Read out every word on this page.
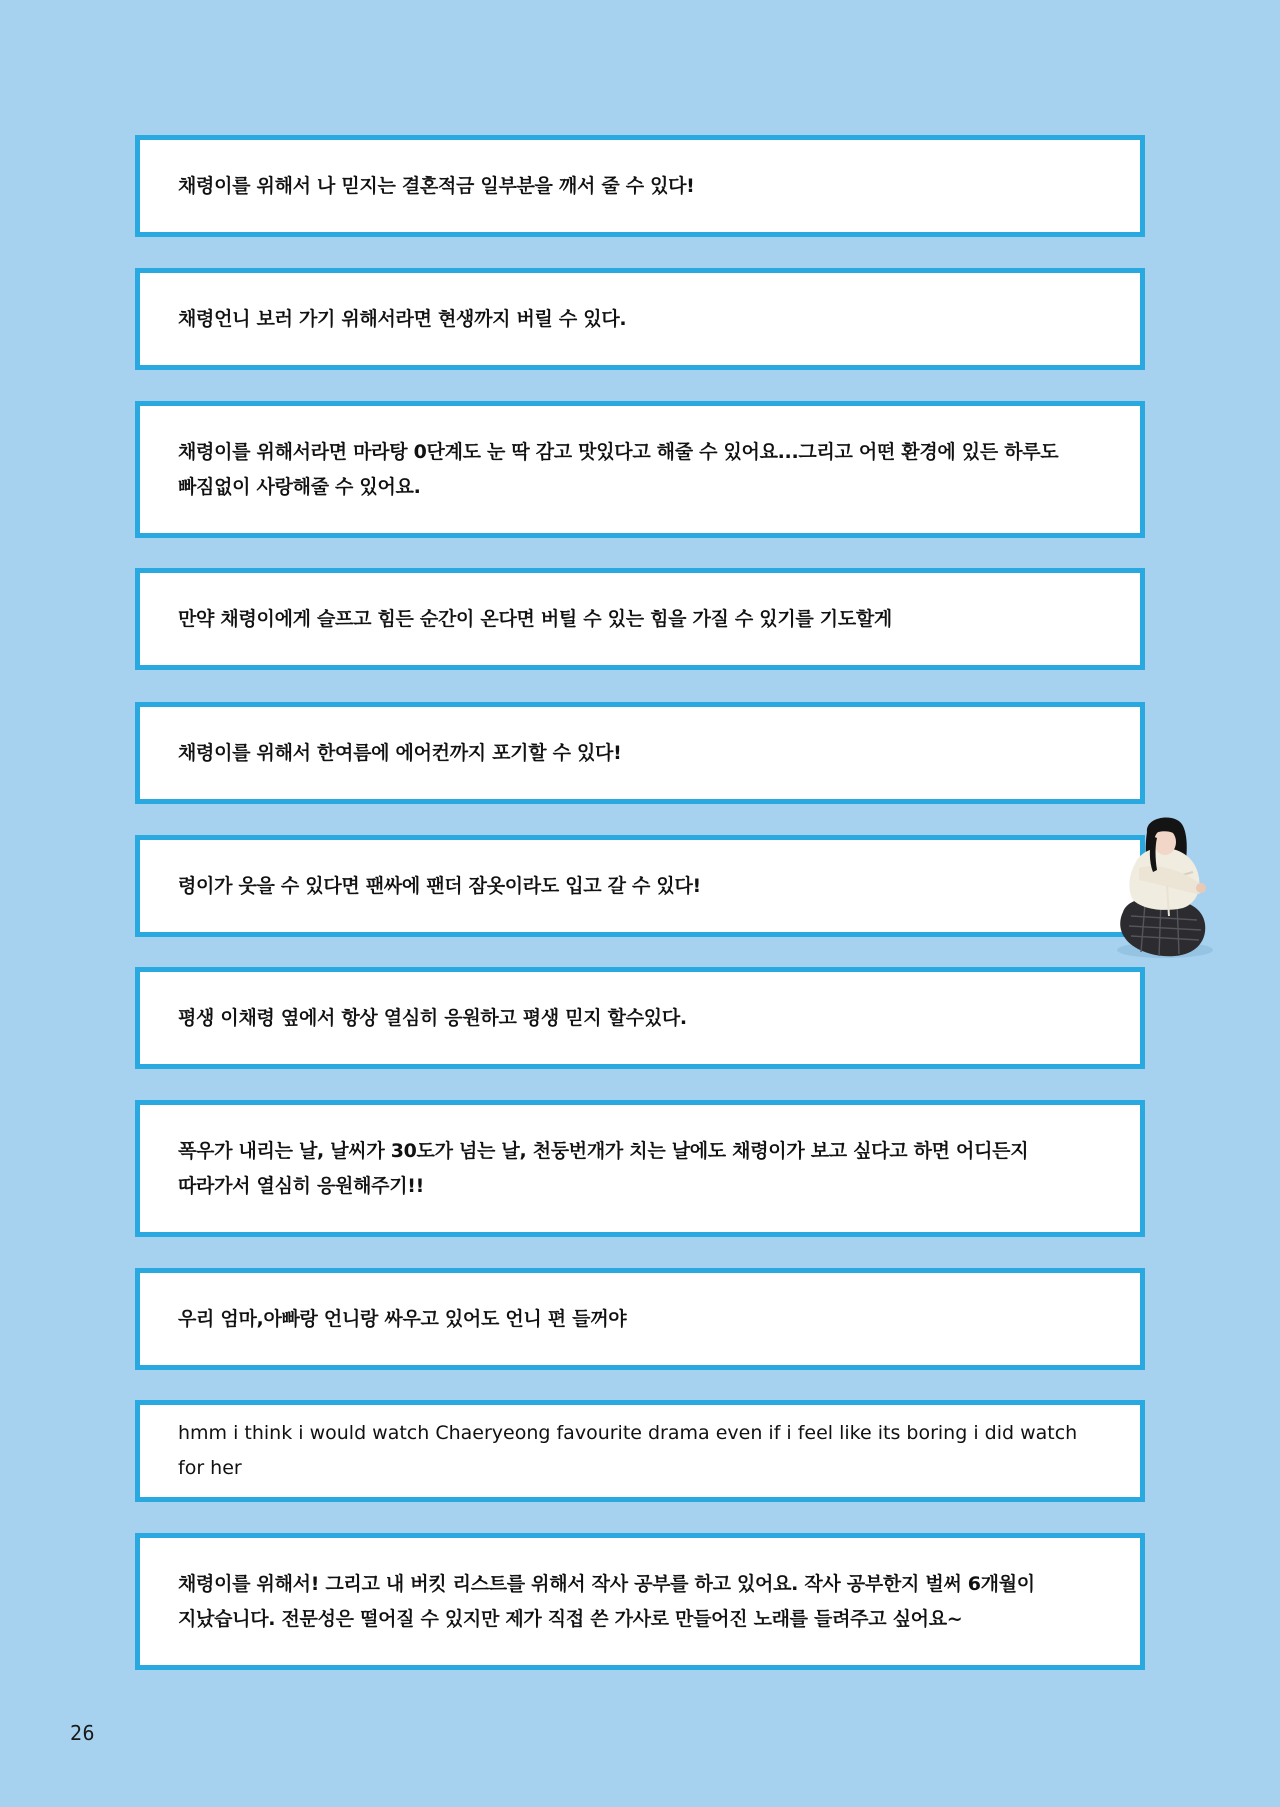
채령이를 위해서 나 믿지는 결혼적금 일부분을 깨서 줄 수 있다!
채령언니 보러 가기 위해서라면 현생까지 버릴 수 있다.
채령이를 위해서라면 마라탕 0단계도 눈 딱 감고 맛있다고 해줄 수 있어요...그리고 어떤 환경에 있든 하루도 빠짐없이 사랑해줄 수 있어요.
만약 채령이에게 슬프고 힘든 순간이 온다면 버틸 수 있는 힘을 가질 수 있기를 기도할게
채령이를 위해서 한여름에 에어컨까지 포기할 수 있다!
령이가 웃을 수 있다면 팬싸에 팬더 잠옷이라도 입고 갈 수 있다!
평생 이채령 옆에서 항상 열심히 응원하고 평생 믿지 할수있다.
폭우가 내리는 날, 날씨가 30도가 넘는 날, 천둥번개가 치는 날에도 채령이가 보고 싶다고 하면 어디든지 따라가서 열심히 응원해주기!!
우리 엄마,아빠랑 언니랑 싸우고 있어도 언니 편 들꺼야
hmm i think i would watch Chaeryeong favourite drama even if i feel like its boring i did watch for her
채령이를 위해서! 그리고 내 버킷 리스트를 위해서 작사 공부를 하고 있어요. 작사 공부한지 벌써 6개월이 지났습니다. 전문성은 떨어질 수 있지만 제가 직접 쓴 가사로 만들어진 노래를 들려주고 싶어요~
26
